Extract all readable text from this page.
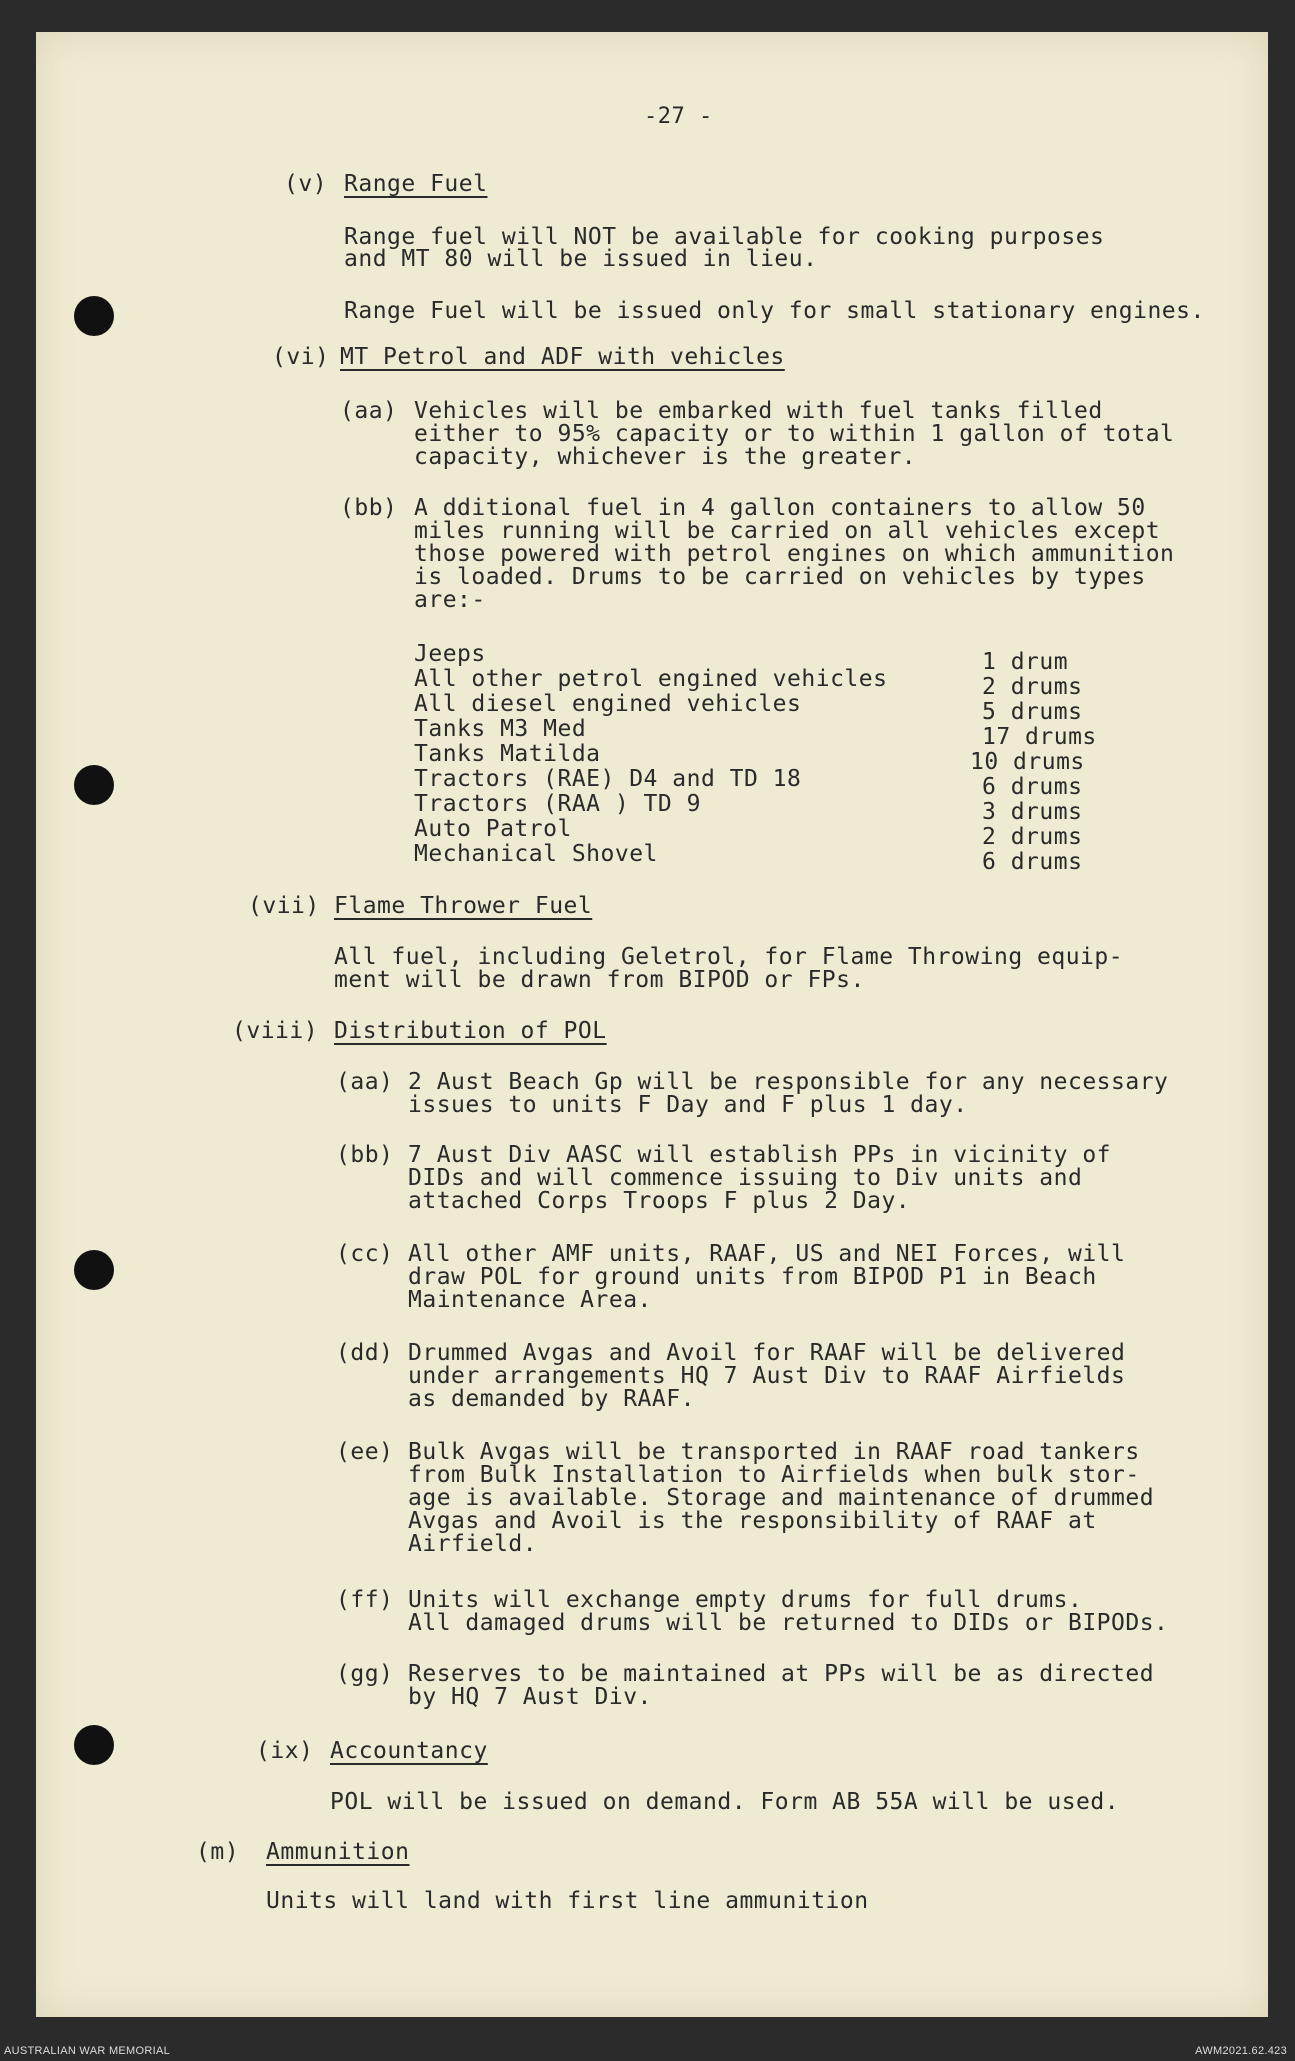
-27 -
(v) Range Fuel
Range fuel will NOT be available for cooking purposes
and MT 80 will be issued in lieu.
Range Fuel will be issued only for small stationary engines.
(vi) MT Petrol and ADF with vehicles
(aa) Vehicles will be embarked with fuel tanks filled
either to 95% capacity or to within 1 gallon of total
capacity, whichever is the greater.
(bb) A dditional fuel in 4 gallon containers to allow 50
miles running will be carried on all vehicles except
those powered with petrol engines on which ammunition
is loaded. Drums to be carried on vehicles by types
are:-
Jeeps	1 drum
All other petrol engined vehicles	2 drums
All diesel engined vehicles	5 drums
Tanks M3 Med	17 drums
Tanks Matilda	10 drums
Tractors (RAE) D4 and TD 18	6 drums
Tractors (RAA ) TD 9	3 drums
Auto Patrol	2 drums
Mechanical Shovel	6 drums
(vii) Flame Thrower Fuel
All fuel, including Geletrol, for Flame Throwing equip-
ment will be drawn from BIPOD or FPs.
(viii) Distribution of POL
(aa) 2 Aust Beach Gp will be responsible for any necessary
issues to units F Day and F plus 1 day.
(bb) 7 Aust Div AASC will establish PPs in vicinity of
DIDs and will commence issuing to Div units and
attached Corps Troops F plus 2 Day.
(cc) All other AMF units, RAAF, US and NEI Forces, will
draw POL for ground units from BIPOD P1 in Beach
Maintenance Area.
(dd) Drummed Avgas and Avoil for RAAF will be delivered
under arrangements HQ 7 Aust Div to RAAF Airfields
as demanded by RAAF.
(ee) Bulk Avgas will be transported in RAAF road tankers
from Bulk Installation to Airfields when bulk stor-
age is available. Storage and maintenance of drummed
Avgas and Avoil is the responsibility of RAAF at
Airfield.
(ff) Units will exchange empty drums for full drums.
All damaged drums will be returned to DIDs or BIPODs.
(gg) Reserves to be maintained at PPs will be as directed
by HQ 7 Aust Div.
(ix) Accountancy
POL will be issued on demand. Form AB 55A will be used.
(m) Ammunition
Units will land with first line ammunition
AUSTRALIAN WAR MEMORIAL	AWM2021.62.423
